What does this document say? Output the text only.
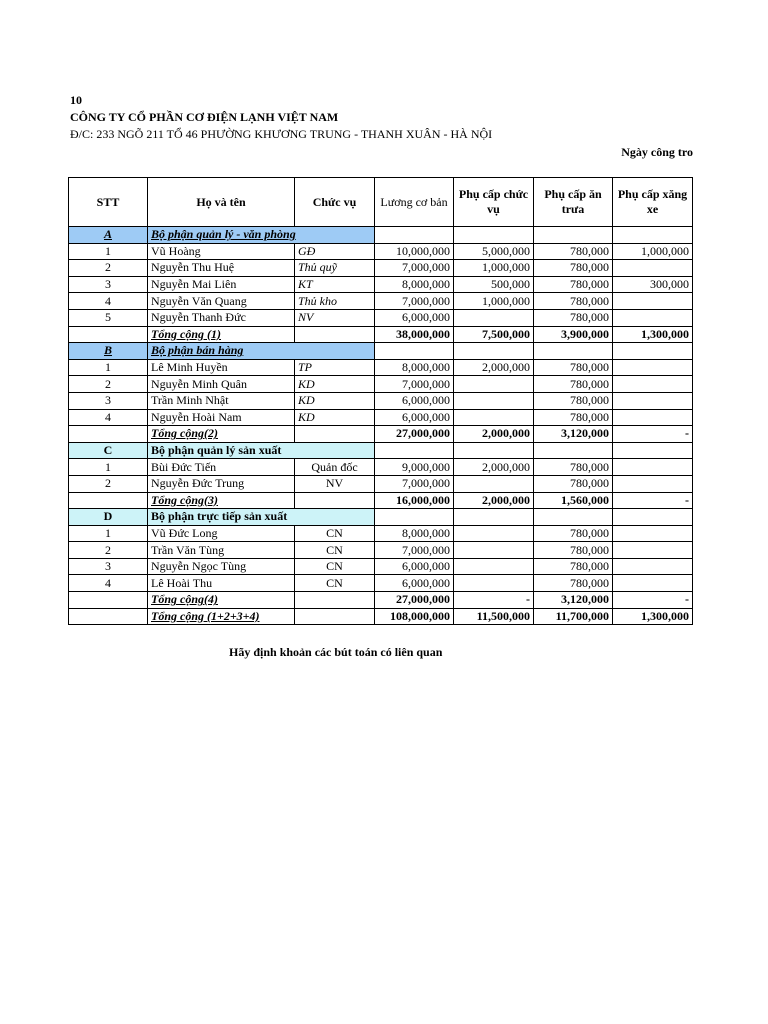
10
CÔNG TY CỔ PHẦN CƠ ĐIỆN LẠNH VIỆT NAM
Đ/C: 233 NGÕ 211 TỔ 46 PHƯỜNG KHƯƠNG TRUNG - THANH XUÂN - HÀ NỘI
Ngày công tro
STT	Họ và tên	Chức vụ	Lương cơ bản	Phụ cấp chức vụ	Phụ cấp ăn trưa	Phụ cấp xăng xe
A	Bộ phận quản lý - văn phòng					
1	Vũ Hoàng	GĐ	10,000,000	5,000,000	780,000	1,000,000
2	Nguyễn Thu Huệ	Thủ quỹ	7,000,000	1,000,000	780,000	
3	Nguyễn Mai Liên	KT	8,000,000	500,000	780,000	300,000
4	Nguyễn Văn Quang	Thủ kho	7,000,000	1,000,000	780,000	
5	Nguyễn Thanh Đức	NV	6,000,000		780,000	
	Tổng cộng (1)		38,000,000	7,500,000	3,900,000	1,300,000
B	Bộ phận bán hàng					
1	Lê Minh Huyền	TP	8,000,000	2,000,000	780,000	
2	Nguyễn Minh Quân	KD	7,000,000		780,000	
3	Trần Minh Nhật	KD	6,000,000		780,000	
4	Nguyễn Hoài Nam	KD	6,000,000		780,000	
	Tổng cộng(2)		27,000,000	2,000,000	3,120,000	-
C	Bộ phận quản lý sản xuất					
1	Bùi Đức Tiến	Quản đốc	9,000,000	2,000,000	780,000	
2	Nguyễn Đức Trung	NV	7,000,000		780,000	
	Tổng cộng(3)		16,000,000	2,000,000	1,560,000	-
D	Bộ phận trực tiếp sản xuất					
1	Vũ Đức Long	CN	8,000,000		780,000	
2	Trần Văn Tùng	CN	7,000,000		780,000	
3	Nguyễn Ngọc Tùng	CN	6,000,000		780,000	
4	Lê Hoài Thu	CN	6,000,000		780,000	
	Tổng cộng(4)		27,000,000	-	3,120,000	-
	Tổng cộng (1+2+3+4)		108,000,000	11,500,000	11,700,000	1,300,000
Hãy định khoản các bút toán có liên quan
